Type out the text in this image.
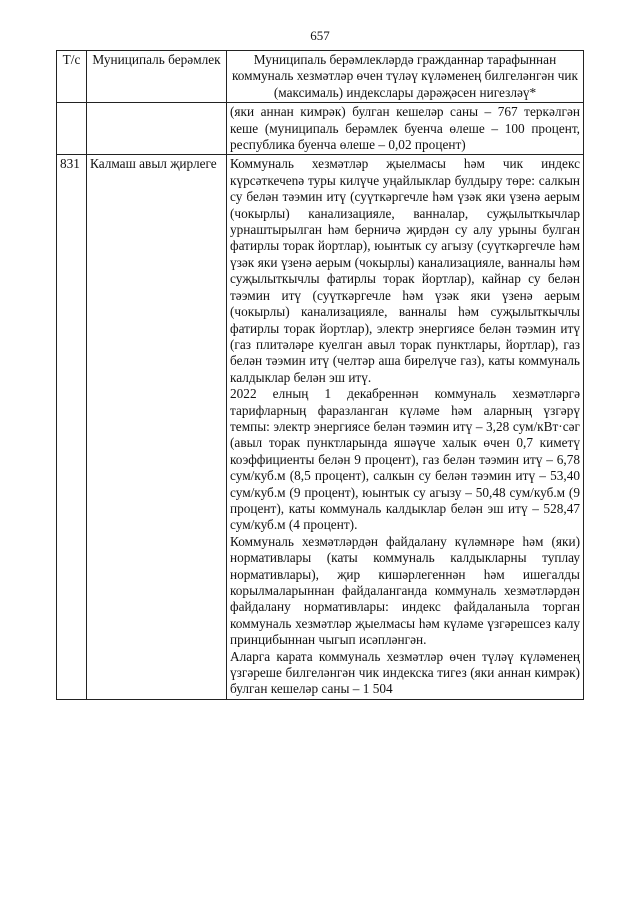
657
Т/с	Муниципаль берәмлек	Муниципаль берәмлекләрдә гражданнар тарафыннан коммуналь хезмәтләр өчен түләү күләменең билгеләнгән чик (максималь) индекслары дәрәҗәсен нигезләү*

		(яки аннан кимрәк) булган кешеләр саны – 767 теркәлгән кеше (муниципаль берәмлек буенча өлеше – 100 процент, республика буенча өлеше – 0,02 процент)

831	Калмаш авыл җирлеге	Коммуналь хезмәтләр җыелмасы һәм чик индекс күрсәткечenә туры килүче уңайлыклар булдыру төре: салкын су белән тәэмин итү (суүткәргечле һәм үзәк яки үзенә аерым (чокырлы) канализацияле, ванналар, суҗылыткычлар урнаштырылган һәм берничә җирдән су алу урыны булган фатирлы торак йортлар), юынтык су агызу (суүткәргечле һәм үзәк яки үзенә аерым (чокырлы) канализацияле, ванналы һәм суҗылыткычлы фатирлы торак йортлар), кайнар су белән тәэмин итү (суүткәргечле һәм үзәк яки үзенә аерым (чокырлы) канализацияле, ванналы һәм суҗылыткычлы фатирлы торак йортлар), электр энергиясе белән тәэмин итү (газ плитәләре куелган авыл торак пунктлары, йортлар), газ белән тәэмин итү (челтәр аша бирелүче газ), каты коммуналь калдыклар белән эш итү.

2022 елның 1 декабреннән коммуналь хезмәтләргә тарифларның фаразланган күләме һәм аларның үзгәрү темпы: электр энергиясе белән тәэмин итү – 3,28 сум/кВт·сәг (авыл торак пунктларында яшәүче халык өчен 0,7 киметү коэффициенты белән 9 процент), газ белән тәэмин итү – 6,78 сум/куб.м (8,5 процент), салкын су белән тәэмин итү – 53,40 сум/куб.м (9 процент), юынтык су агызу – 50,48 сум/куб.м (9 процент), каты коммуналь калдыклар белән эш итү – 528,47 сум/куб.м (4 процент).

Коммуналь хезмәтләрдән файдалану күләмнәре һәм (яки) нормативлары (каты коммуналь калдыкларны туплау нормативлары), җир кишәрлегеннән һәм ишегалды корылмаларыннан файдаланганда коммуналь хезмәтләрдән файдалану нормативлары: индекс файдаланыла торган коммуналь хезмәтләр җыелмасы һәм күләме үзгәрешсез калу принцибыннан чыгып исәпләнгән.

Аларга карата коммуналь хезмәтләр өчен түләү күләменең үзгәреше билгеләнгән чик индекска тигез (яки аннан кимрәк) булган кешеләр саны – 1 504
